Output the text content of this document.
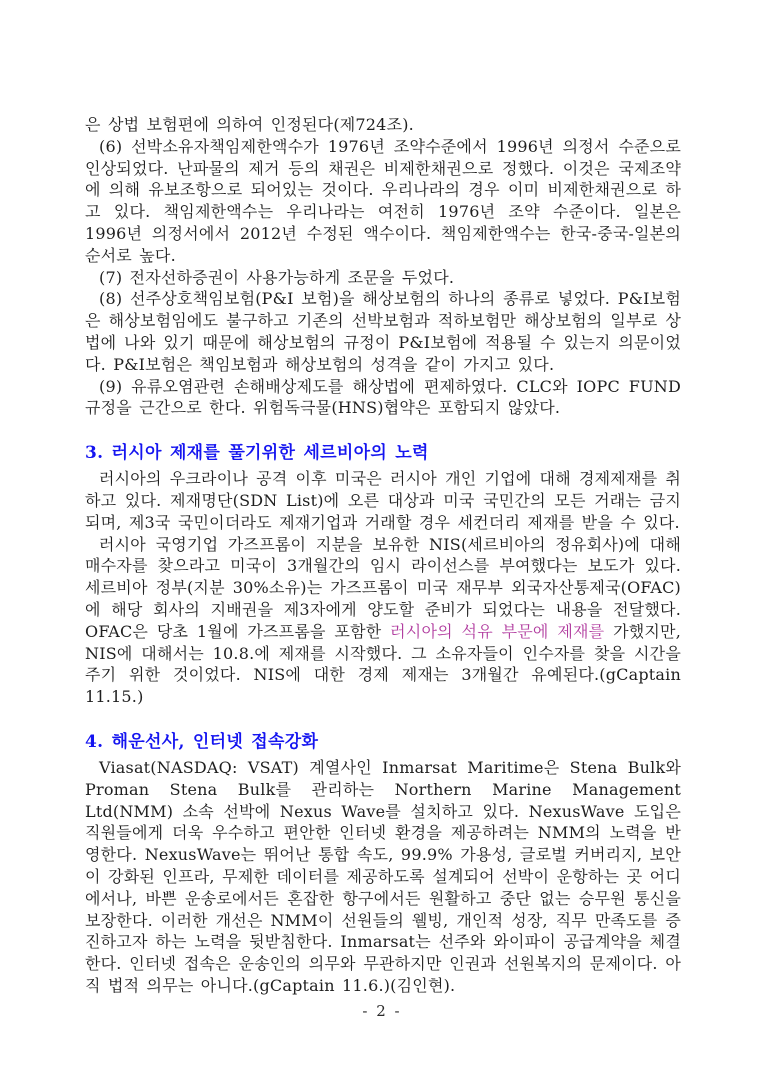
은 상법 보험편에 의하여 인정된다(제724조).

(6) 선박소유자책임제한액수가 1976년 조약수준에서 1996년 의정서 수준으로 인상되었다. 난파물의 제거 등의 채권은 비제한채권으로 정했다. 이것은 국제조약에 의해 유보조항으로 되어있는 것이다. 우리나라의 경우 이미 비제한채권으로 하고 있다. 책임제한액수는 우리나라는 여전히 1976년 조약 수준이다. 일본은 1996년 의정서에서 2012년 수정된 액수이다. 책임제한액수는 한국-중국-일본의 순서로 높다.

(7) 전자선하증권이 사용가능하게 조문을 두었다.

(8) 선주상호책임보험(P&I 보험)을 해상보험의 하나의 종류로 넣었다. P&I보험은 해상보험임에도 불구하고 기존의 선박보험과 적하보험만 해상보험의 일부로 상법에 나와 있기 때문에 해상보험의 규정이 P&I보험에 적용될 수 있는지 의문이었다. P&I보험은 책임보험과 해상보험의 성격을 같이 가지고 있다.

(9) 유류오염관련 손해배상제도를 해상법에 편제하였다. CLC와 IOPC FUND규정을 근간으로 한다. 위험독극물(HNS)협약은 포함되지 않았다.

3. 러시아 제재를 풀기위한 세르비아의 노력

러시아의 우크라이나 공격 이후 미국은 러시아 개인 기업에 대해 경제제재를 취하고 있다. 제재명단(SDN List)에 오른 대상과 미국 국민간의 모든 거래는 금지되며, 제3국 국민이더라도 제재기업과 거래할 경우 세컨더리 제재를 받을 수 있다.

러시아 국영기업 가즈프롬이 지분을 보유한 NIS(세르비아의 정유회사)에 대해 매수자를 찾으라고 미국이 3개월간의 임시 라이선스를 부여했다는 보도가 있다. 세르비아 정부(지분 30%소유)는 가즈프롬이 미국 재무부 외국자산통제국(OFAC)에 해당 회사의 지배권을 제3자에게 양도할 준비가 되었다는 내용을 전달했다. OFAC은 당초 1월에 가즈프롬을 포함한 러시아의 석유 부문에 제재를 가했지만, NIS에 대해서는 10.8.에 제재를 시작했다. 그 소유자들이 인수자를 찾을 시간을 주기 위한 것이었다. NIS에 대한 경제 제재는 3개월간 유예된다.(gCaptain 11.15.)

4. 해운선사, 인터넷 접속강화

Viasat(NASDAQ: VSAT) 계열사인 Inmarsat Maritime은 Stena Bulk와 Proman Stena Bulk를 관리하는 Northern Marine Management Ltd(NMM) 소속 선박에 Nexus Wave를 설치하고 있다. NexusWave 도입은 직원들에게 더욱 우수하고 편안한 인터넷 환경을 제공하려는 NMM의 노력을 반영한다. NexusWave는 뛰어난 통합 속도, 99.9% 가용성, 글로벌 커버리지, 보안이 강화된 인프라, 무제한 데이터를 제공하도록 설계되어 선박이 운항하는 곳 어디에서나, 바쁜 운송로에서든 혼잡한 항구에서든 원활하고 중단 없는 승무원 통신을 보장한다. 이러한 개선은 NMM이 선원들의 웰빙, 개인적 성장, 직무 만족도를 증진하고자 하는 노력을 뒷받침한다. Inmarsat는 선주와 와이파이 공급계약을 체결한다. 인터넷 접속은 운송인의 의무와 무관하지만 인권과 선원복지의 문제이다. 아직 법적 의무는 아니다.(gCaptain 11.6.)(김인현).

- 2 -
